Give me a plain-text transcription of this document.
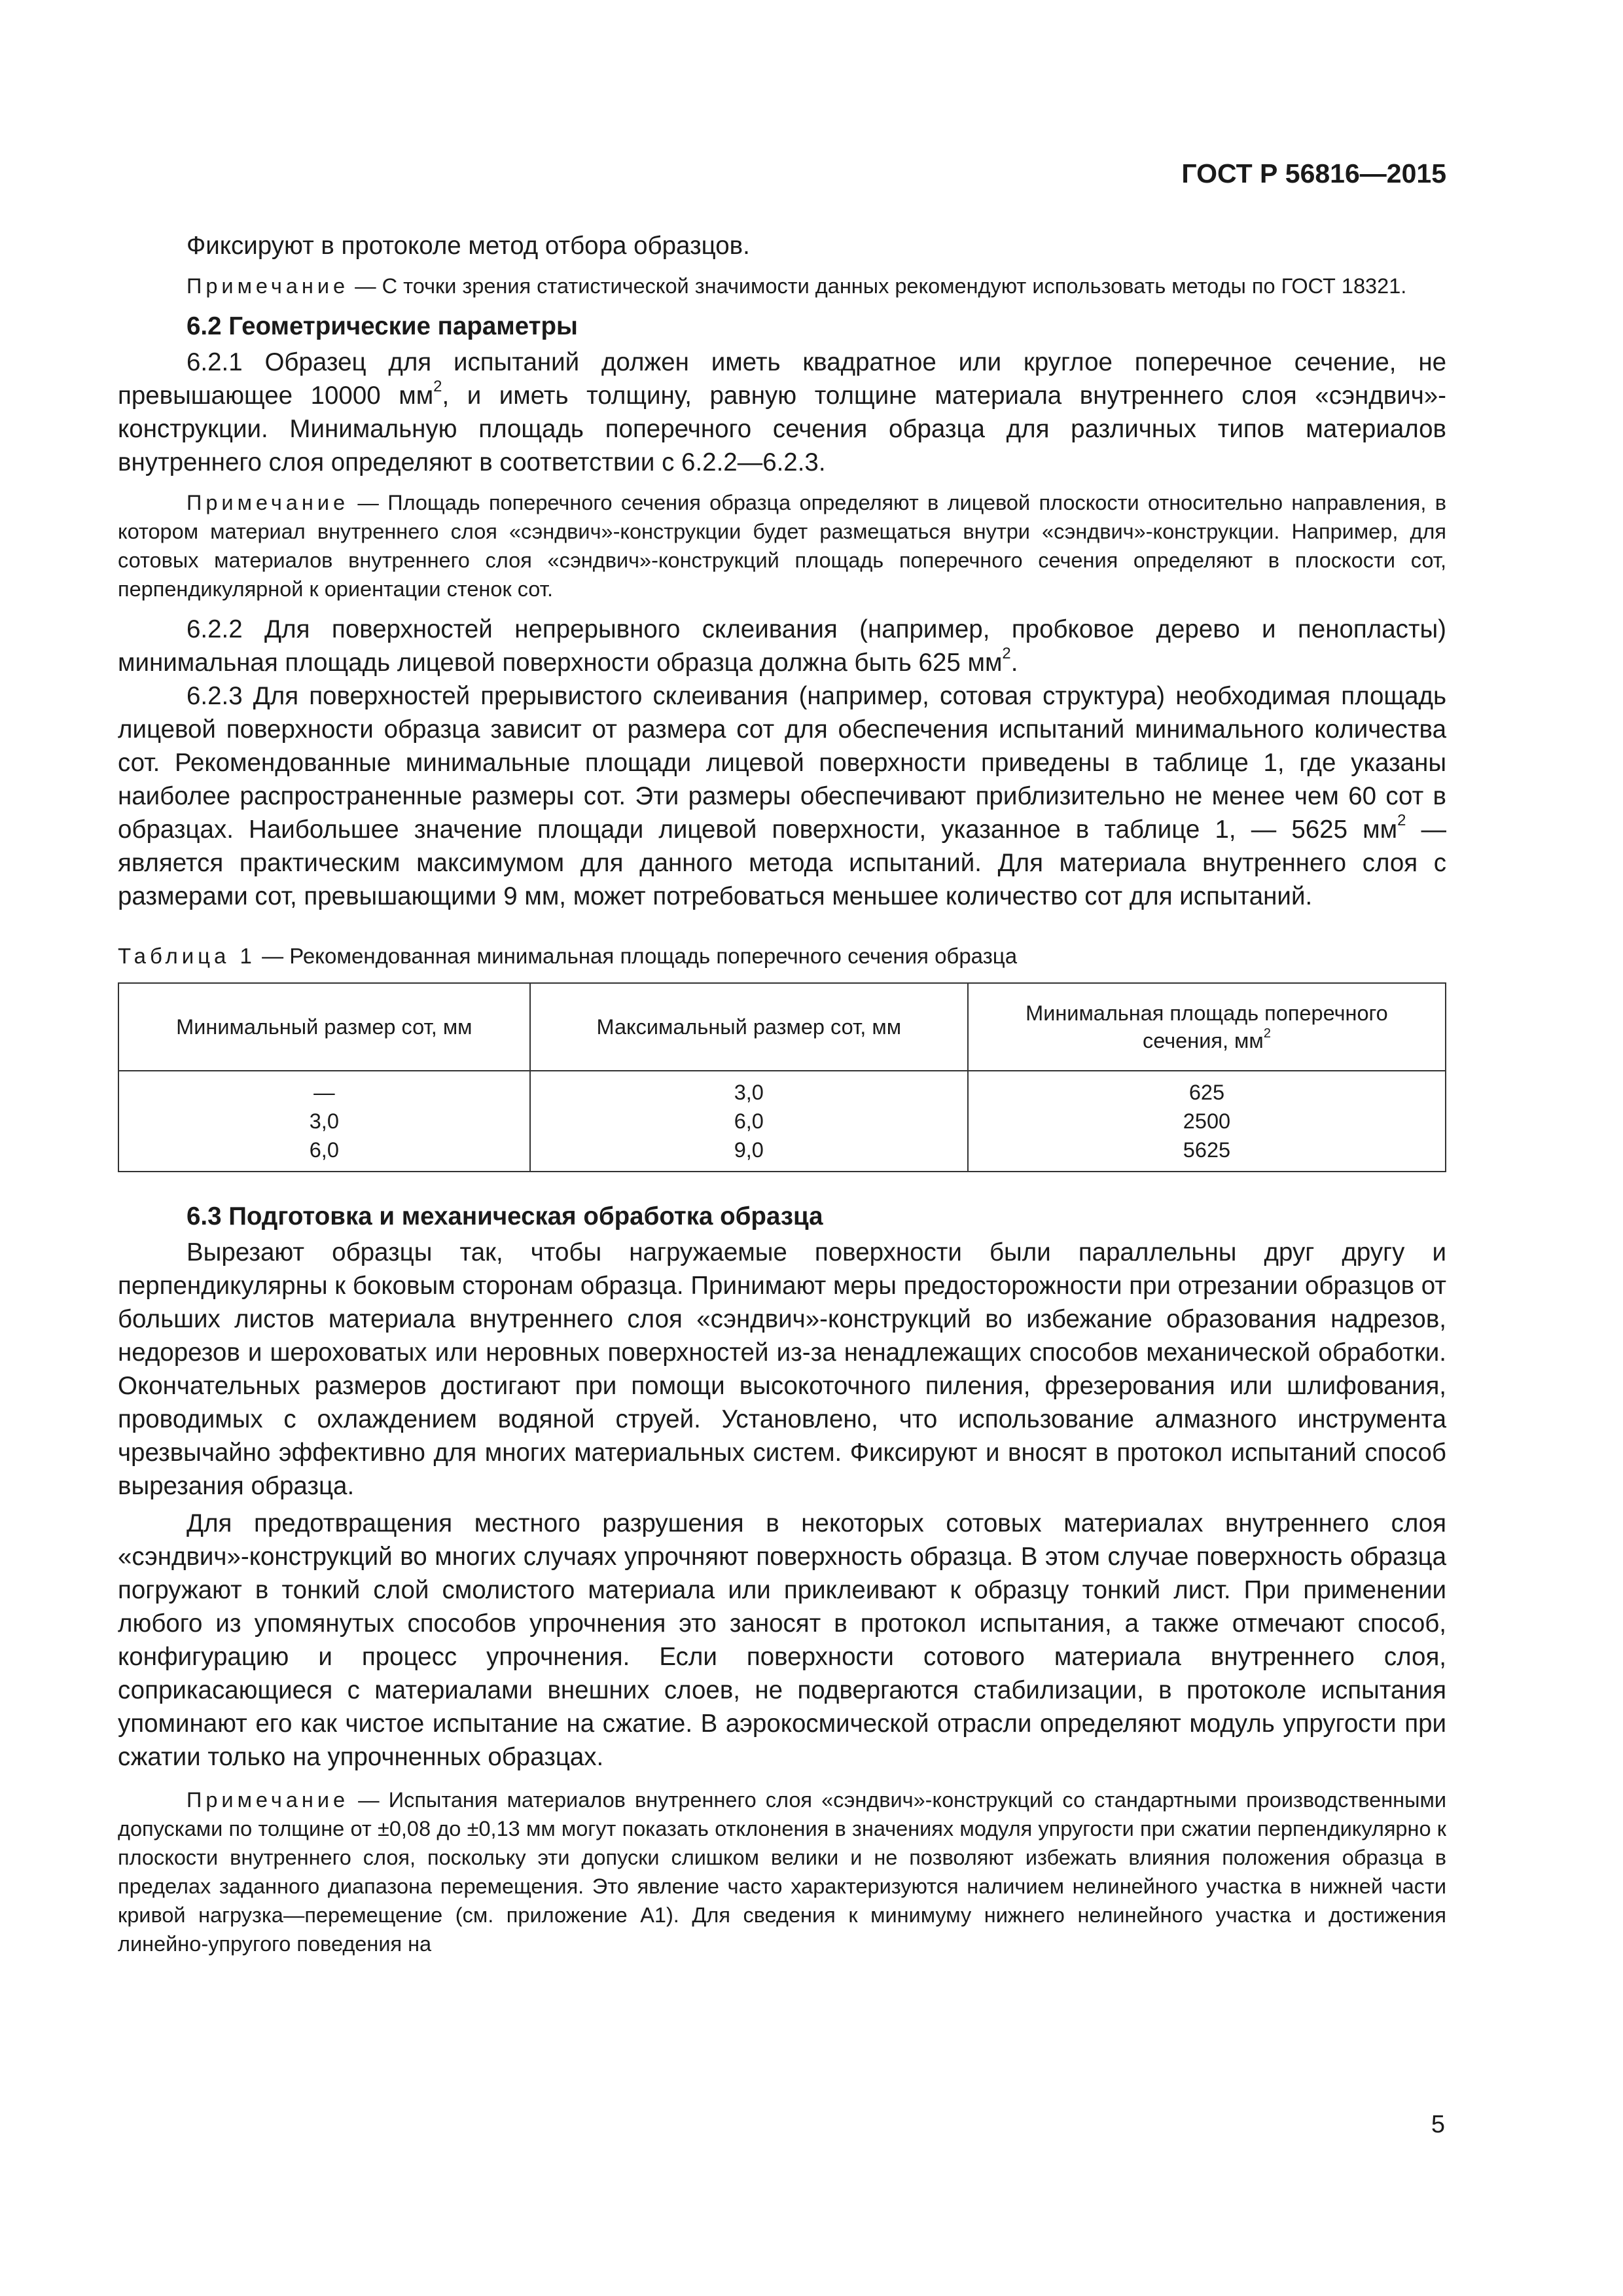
ГОСТ Р 56816—2015

Фиксируют в протоколе метод отбора образцов.

Примечание — С точки зрения статистической значимости данных рекомендуют использовать методы по ГОСТ 18321.

6.2 Геометрические параметры

6.2.1 Образец для испытаний должен иметь квадратное или круглое поперечное сечение, не превышающее 10000 $мм^2$, и иметь толщину, равную толщине материала внутреннего слоя «сэндвич»-конструкции. Минимальную площадь поперечного сечения образца для различных типов материалов внутреннего слоя определяют в соответствии с 6.2.2—6.2.3.

Примечание — Площадь поперечного сечения образца определяют в лицевой плоскости относительно направления, в котором материал внутреннего слоя «сэндвич»-конструкции будет размещаться внутри «сэндвич»-конструкции. Например, для сотовых материалов внутреннего слоя «сэндвич»-конструкций площадь поперечного сечения определяют в плоскости сот, перпендикулярной к ориентации стенок сот.

6.2.2 Для поверхностей непрерывного склеивания (например, пробковое дерево и пенопласты) минимальная площадь лицевой поверхности образца должна быть 625 $мм^2$.

6.2.3 Для поверхностей прерывистого склеивания (например, сотовая структура) необходимая площадь лицевой поверхности образца зависит от размера сот для обеспечения испытаний минимального количества сот. Рекомендованные минимальные площади лицевой поверхности приведены в таблице 1, где указаны наиболее распространенные размеры сот. Эти размеры обеспечивают приблизительно не менее чем 60 сот в образцах. Наибольшее значение площади лицевой поверхности, указанное в таблице 1, — 5625 $мм^2$ — является практическим максимумом для данного метода испытаний. Для материала внутреннего слоя с размерами сот, превышающими 9 мм, может потребоваться меньшее количество сот для испытаний.

Таблица 1 — Рекомендованная минимальная площадь поперечного сечения образца

Минимальный размер сот, мм	Максимальный размер сот, мм	Минимальная площадь поперечного сечения, $мм^2$
—	3,0	625
3,0	6,0	2500
6,0	9,0	5625
6.3 Подготовка и механическая обработка образца

Вырезают образцы так, чтобы нагружаемые поверхности были параллельны друг другу и перпендикулярны к боковым сторонам образца. Принимают меры предосторожности при отрезании образцов от больших листов материала внутреннего слоя «сэндвич»-конструкций во избежание образования надрезов, недорезов и шероховатых или неровных поверхностей из-за ненадлежащих способов механической обработки. Окончательных размеров достигают при помощи высокоточного пиления, фрезерования или шлифования, проводимых с охлаждением водяной струей. Установлено, что использование алмазного инструмента чрезвычайно эффективно для многих материальных систем. Фиксируют и вносят в протокол испытаний способ вырезания образца.

Для предотвращения местного разрушения в некоторых сотовых материалах внутреннего слоя «сэндвич»-конструкций во многих случаях упрочняют поверхность образца. В этом случае поверхность образца погружают в тонкий слой смолистого материала или приклеивают к образцу тонкий лист. При применении любого из упомянутых способов упрочнения это заносят в протокол испытания, а также отмечают способ, конфигурацию и процесс упрочнения. Если поверхности сотового материала внутреннего слоя, соприкасающиеся с материалами внешних слоев, не подвергаются стабилизации, в протоколе испытания упоминают его как чистое испытание на сжатие. В аэрокосмической отрасли определяют модуль упругости при сжатии только на упрочненных образцах.

Примечание — Испытания материалов внутреннего слоя «сэндвич»-конструкций со стандартными производственными допусками по толщине от ±0,08 до ±0,13 мм могут показать отклонения в значениях модуля упругости при сжатии перпендикулярно к плоскости внутреннего слоя, поскольку эти допуски слишком велики и не позволяют избежать влияния положения образца в пределах заданного диапазона перемещения. Это явление часто характеризуются наличием нелинейного участка в нижней части кривой нагрузка—перемещение (см. приложение А1). Для сведения к минимуму нижнего нелинейного участка и достижения линейно-упругого поведения на

5
